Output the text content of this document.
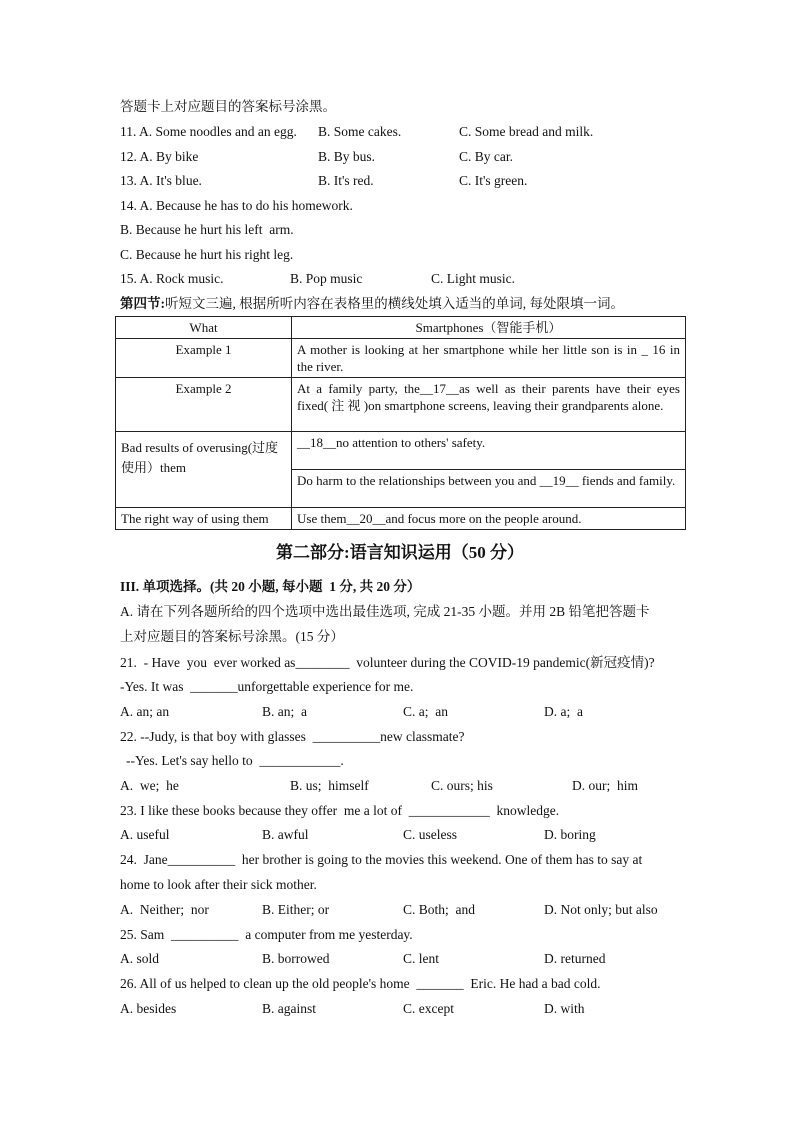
答题卡上对应题目的答案标号涂黑。
11. A. Some noodles and an egg. B. Some cakes.	C. Some bread and milk.
12. A. By bike	B. By bus.	C. By car.
13. A. It's blue.	B. It's red.	C. It's green.
14. A. Because he has to do his homework.
B. Because he hurt his left  arm.
C. Because he hurt his right leg.
15. A. Rock music.	B. Pop music	C. Light music.
第四节:听短文三遍, 根据所听内容在表格里的横线处填入适当的单词, 每处限填一词。
What	Smartphones（智能手机）
Example 1	A mother is looking at her smartphone while her little son is in _ 16 in the river.
Example 2	At a family party, the__17__as well as their parents have their eyes fixed( 注 视 )on smartphone screens, leaving their grandparents alone.
Bad results of overusing(过度使用）them	__18__no attention to others' safety.
	Do harm to the relationships between you and __19__ fiends and family.
The right way of using them	Use them__20__and focus more on the people around.
第二部分:语言知识运用（50 分）
III. 单项选择。(共 20 小题, 每小题  1 分, 共 20 分）
A. 请在下列各题所给的四个选项中选出最佳选项, 完成 21-35 小题。并用 2B 铅笔把答题卡
上对应题目的答案标号涂黑。(15 分）
21.  - Have  you  ever worked as________  volunteer during the COVID-19 pandemic(新冠疫情)?
-Yes. It was  _______unforgettable experience for me.
A. an; an	B. an;  a	C. a;  an	D. a;  a
22. --Judy, is that boy with glasses  __________new classmate?
--Yes. Let's say hello to  ____________.
A.  we;  he	B. us;  himself	C. ours; his	D. our;  him
23. I like these books because they offer  me a lot of  ____________  knowledge.
A. useful	B. awful	C. useless	D. boring
24.  Jane__________  her brother is going to the movies this weekend. One of them has to say at
home to look after their sick mother.
A.  Neither;  nor	B. Either; or	C. Both;  and	D. Not only; but also
25. Sam  __________  a computer from me yesterday.
A. sold	B. borrowed	C. lent	D. returned
26. All of us helped to clean up the old people's home  _______  Eric. He had a bad cold.
A. besides	B. against	C. except	D. with
